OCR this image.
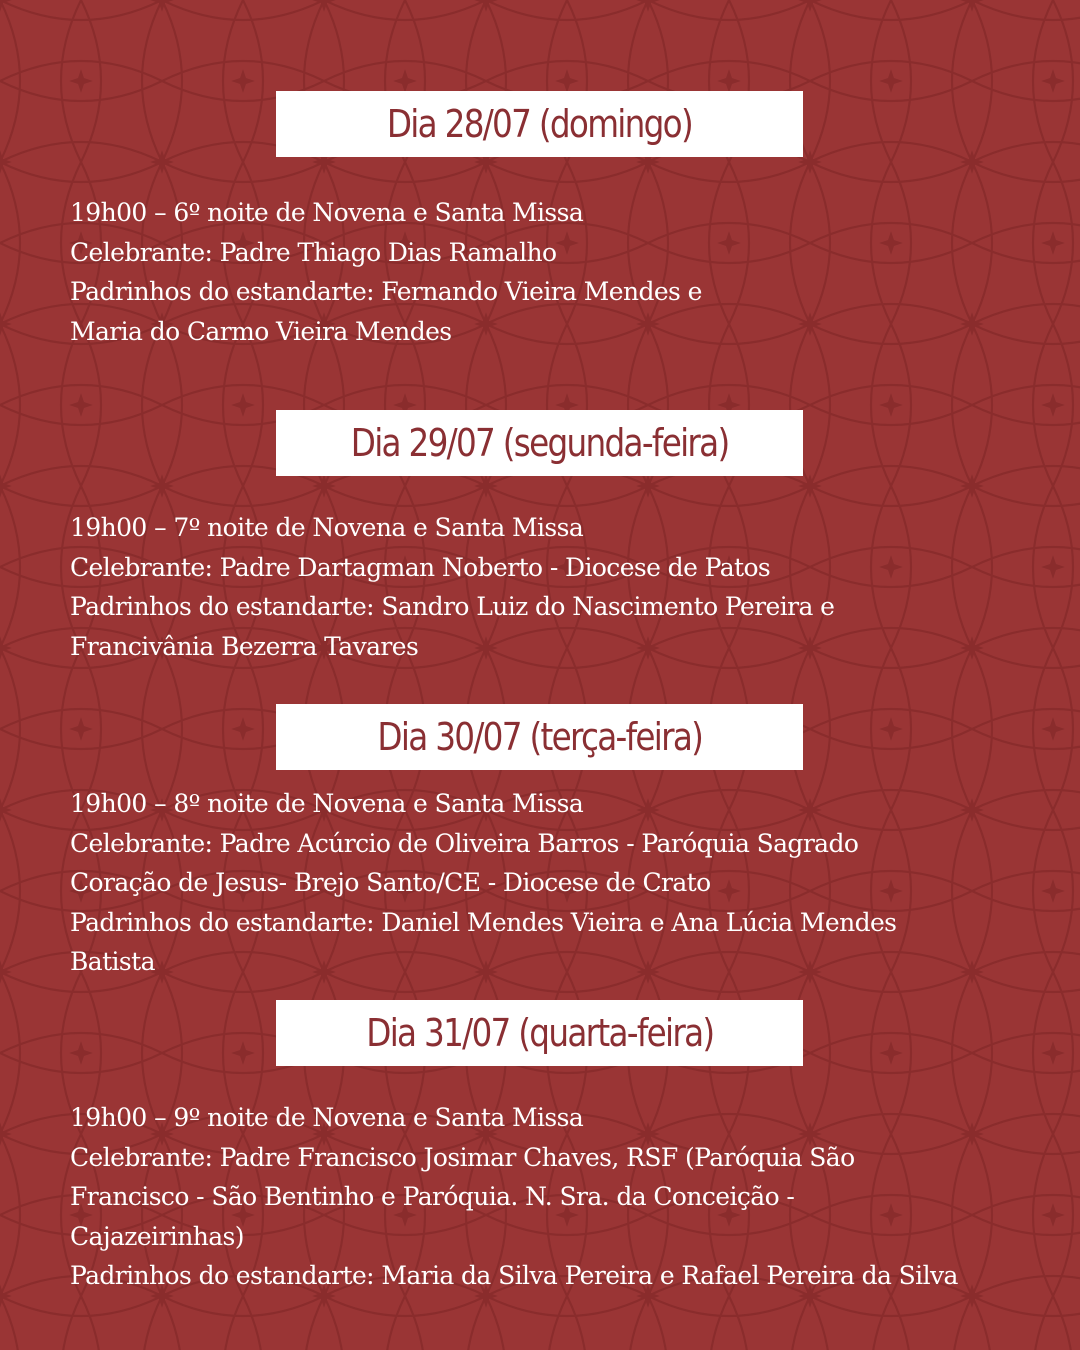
Dia 28/07 (domingo)

19h00 – 6º noite de Novena e Santa Missa

Celebrante: Padre Thiago Dias Ramalho

Padrinhos do estandarte: Fernando Vieira Mendes e

Maria do Carmo Vieira Mendes

Dia 29/07 (segunda-feira)

19h00 – 7º noite de Novena e Santa Missa

Celebrante: Padre Dartagman Noberto - Diocese de Patos

Padrinhos do estandarte: Sandro Luiz do Nascimento Pereira e

Francivânia Bezerra Tavares

Dia 30/07 (terça-feira)

19h00 – 8º noite de Novena e Santa Missa

Celebrante: Padre Acúrcio de Oliveira Barros - Paróquia Sagrado

Coração de Jesus- Brejo Santo/CE - Diocese de Crato

Padrinhos do estandarte: Daniel Mendes Vieira e Ana Lúcia Mendes

Batista

Dia 31/07 (quarta-feira)

19h00 – 9º noite de Novena e Santa Missa

Celebrante: Padre Francisco Josimar Chaves, RSF (Paróquia São

Francisco - São Bentinho e Paróquia. N. Sra. da Conceição -

Cajazeirinhas)

Padrinhos do estandarte: Maria da Silva Pereira e Rafael Pereira da Silva
